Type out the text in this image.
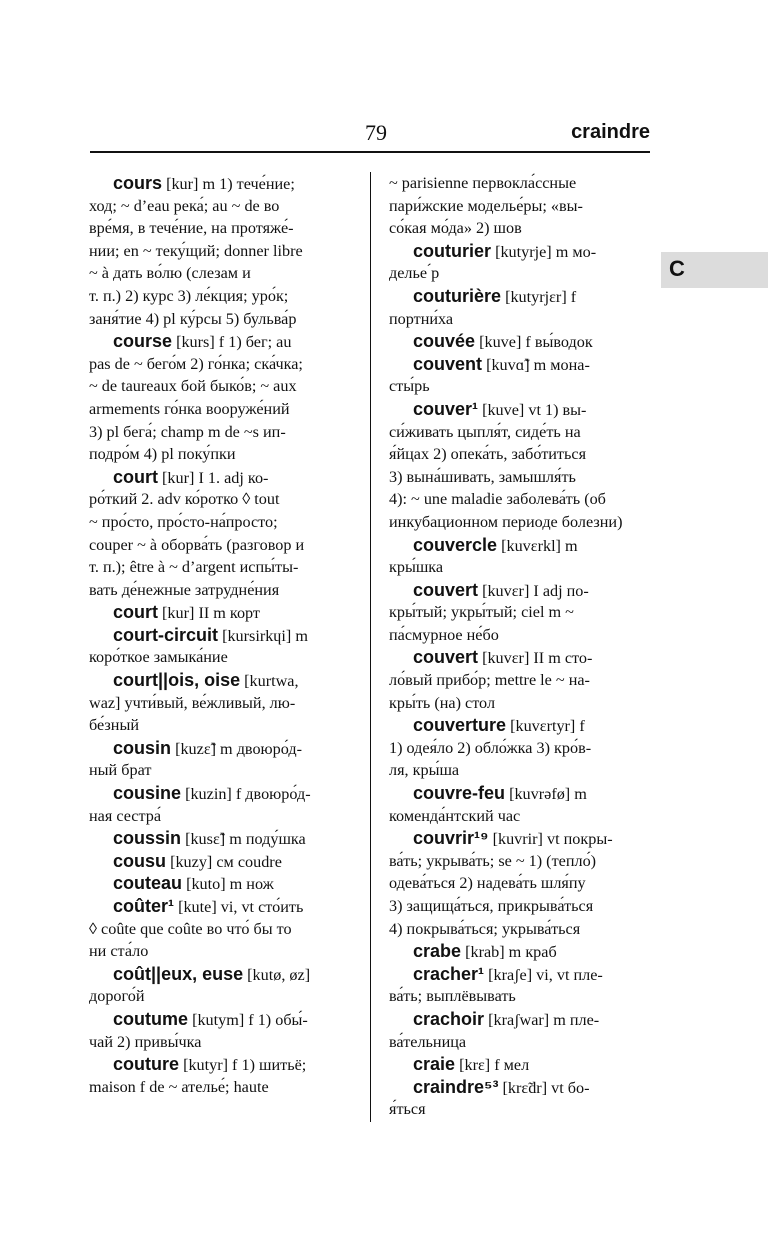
79	craindre
C
cours [kur] m 1) тече́ние;
ход; ~ d’eau река́; au ~ de во
вре́мя, в тече́ние, на протяже́-
нии; en ~ теку́щий; donner libre
~ à дать во́лю (слезам и
т. п.) 2) курс 3) ле́кция; уро́к;
заня́тие 4) pl ку́рсы 5) бульва́р
course [kurs] f 1) бег; au
pas de ~ бего́м 2) го́нка; ска́чка;
~ de taureaux бой быко́в; ~ aux
armements го́нка вооруже́ний
3) pl бега́; champ m de ~s ип-
подро́м 4) pl поку́пки
court [kur] I 1. adj ко-
ро́ткий 2. adv ко́ротко ◊ tout
~ про́сто, про́сто-на́просто;
couper ~ à оборва́ть (разговор и
т. п.); être à ~ d’argent испы́ты-
вать де́нежные затрудне́ния
court [kur] II m корт
court-circuit [kursirkɥi] m
коро́ткое замыка́ние
court||ois, oise [kurtwa,
waz] учти́вый, ве́жливый, лю-
бе́зный
cousin [kuzɛ̃] m двоюро́д-
ный брат
cousine [kuzin] f двоюро́д-
ная сестра́
coussin [kusɛ̃] m поду́шка
cousu [kuzy] см coudre
couteau [kuto] m нож
coûter¹ [kute] vi, vt сто́ить
◊ coûte que coûte во что́ бы то
ни ста́ло
coût||eux, euse [kutø, øz]
дорого́й
coutume [kutym] f 1) обы́-
чай 2) привы́чка
couture [kutyr] f 1) шитьё;
maison f de ~ ателье́; haute
~ parisienne первокла́ссные
пари́жские моделье́ры; «вы-
со́кая мо́да» 2) шов
couturier [kutyrje] m мо-
дельe ́р
couturière [kutyrjɛr] f
портни́ха
couvée [kuve] f вы́водок
couvent [kuvɑ̃] m мона-
сты́рь
couver¹ [kuve] vt 1) вы-
си́живать цыпля́т, сиде́ть на
я́йцах 2) опека́ть, забо́титься
3) вына́шивать, замышля́ть
4): ~ une maladie заболева́ть (об
инкубационном периоде болезни)
couvercle [kuvɛrkl] m
кры́шка
couvert [kuvɛr] I adj по-
кры́тый; укры́тый; ciel m ~
па́смурное не́бо
couvert [kuvɛr] II m сто-
ло́вый прибо́р; mettre le ~ на-
кры́ть (на) стол
couverture [kuvɛrtyr] f
1) одея́ло 2) обло́жка 3) кро́в-
ля, кры́ша
couvre-feu [kuvrəfø] m
коменда́нтский час
couvrir¹⁹ [kuvrir] vt покры-
ва́ть; укрыва́ть; se ~ 1) (тепло́)
одева́ться 2) надева́ть шля́пу
3) защища́ться, прикрыва́ться
4) покрыва́ться; укрыва́ться
crabe [krab] m краб
cracher¹ [kraʃe] vi, vt пле-
ва́ть; выплёвывать
crachoir [kraʃwar] m пле-
ва́тельница
craie [krɛ] f мел
craindre⁵³ [krɛ̃dr] vt бо-
я́ться
